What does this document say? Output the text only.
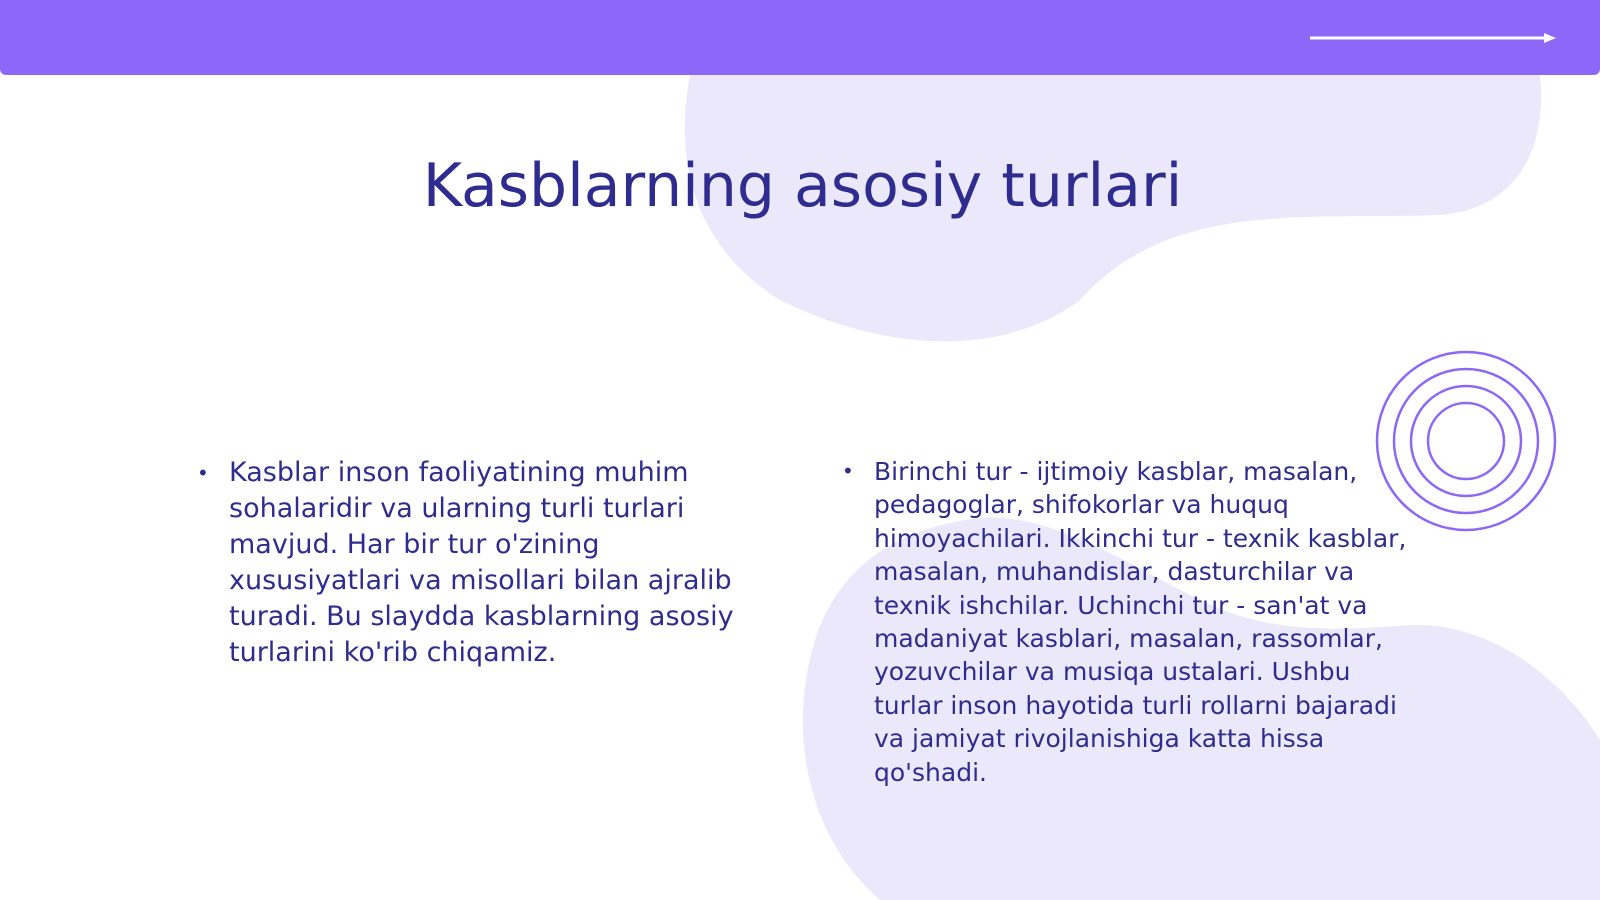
Kasblarning asosiy turlari
• Kasblar inson faoliyatining muhim sohalaridir va ularning turli turlari mavjud. Har bir tur o'zining xususiyatlari va misollari bilan ajralib turadi. Bu slaydda kasblarning asosiy turlarini ko'rib chiqamiz.
• Birinchi tur - ijtimoiy kasblar, masalan, pedagoglar, shifokorlar va huquq himoyachilari. Ikkinchi tur - texnik kasblar, masalan, muhandislar, dasturchilar va texnik ishchilar. Uchinchi tur - san'at va madaniyat kasblari, masalan, rassomlar, yozuvchilar va musiqa ustalari. Ushbu turlar inson hayotida turli rollarni bajaradi va jamiyat rivojlanishiga katta hissa qo'shadi.
